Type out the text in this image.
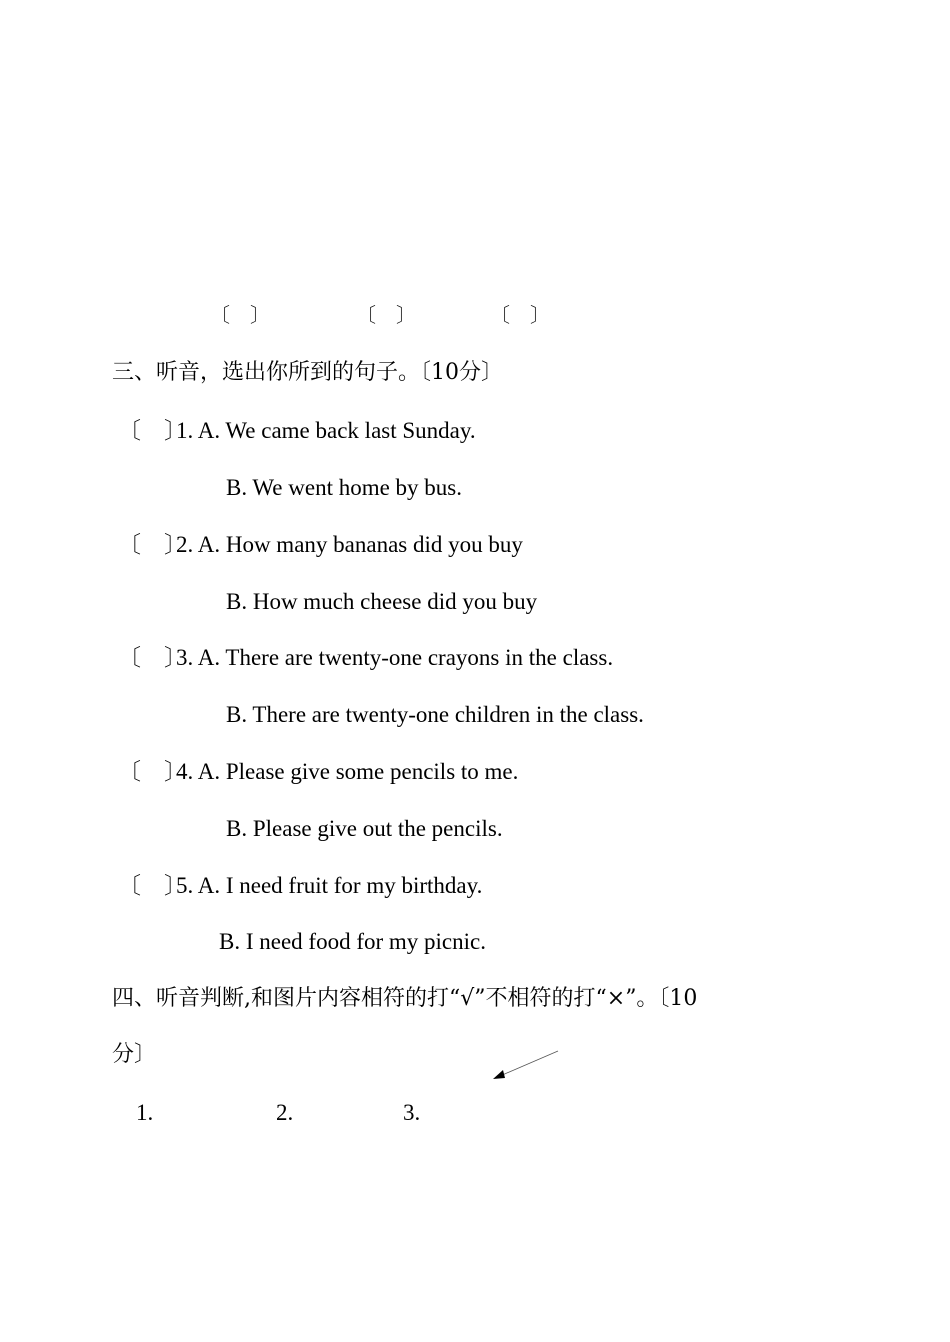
〔    〕	〔    〕	〔    〕
三、听音，选出你所到的句子。〔10分〕
〔    〕1. A. We came back last Sunday.
B. We went home by bus.
〔    〕2. A. How many bananas did you buy
B. How much cheese did you buy
〔    〕3. A. There are twenty-one crayons in the class.
B. There are twenty-one children in the class.
〔    〕4. A. Please give some pencils to me.
B. Please give out the pencils.
〔    〕5. A. I need fruit for my birthday.
B. I need food for my picnic.
四、听音判断,和图片内容相符的打“√”不相符的打“×”。〔10
分〕
1.	2.	3.
